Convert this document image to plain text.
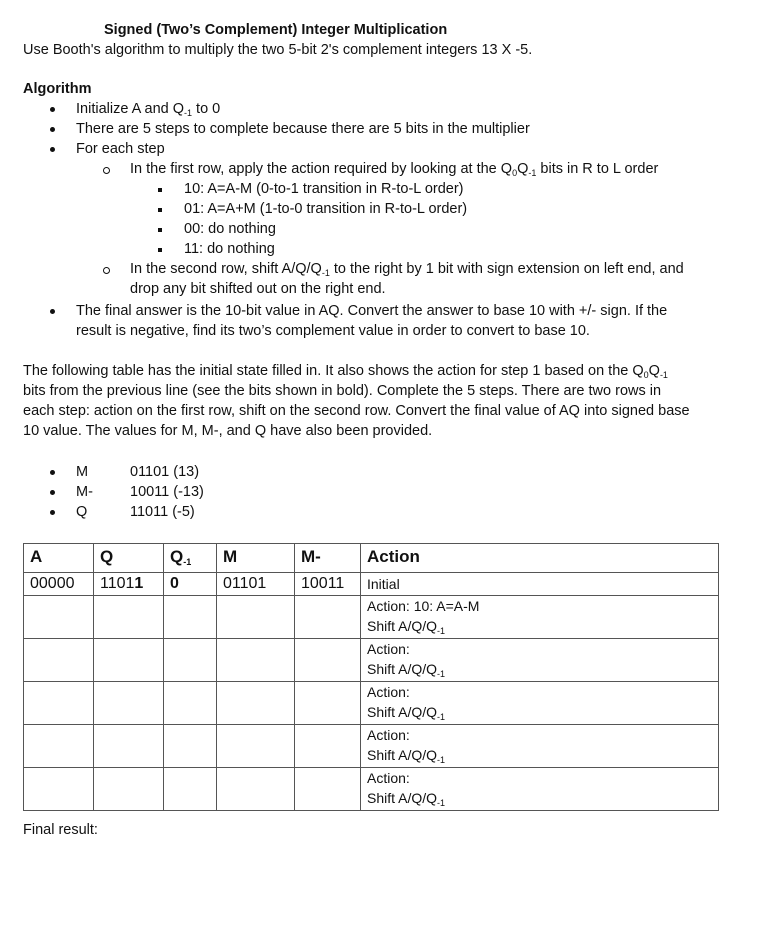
Signed (Two’s Complement) Integer Multiplication
Use Booth's algorithm to multiply the two 5-bit 2's complement integers 13 X -5.
Algorithm
Initialize A and $Q_{-1}$ to 0
There are 5 steps to complete because there are 5 bits in the multiplier
For each step
In the first row, apply the action required by looking at the $Q_0Q_{-1}$ bits in R to L order
10: A=A-M (0-to-1 transition in R-to-L order)
01: A=A+M (1-to-0 transition in R-to-L order)
00: do nothing
11: do nothing
In the second row, shift $A/Q/Q_{-1}$ to the right by 1 bit with sign extension on left end, and
drop any bit shifted out on the right end.
The final answer is the 10-bit value in AQ. Convert the answer to base 10 with +/- sign. If the
result is negative, find its two’s complement value in order to convert to base 10.
The following table has the initial state filled in. It also shows the action for step 1 based on the $Q_0Q_{-1}$
bits from the previous line (see the bits shown in bold). Complete the 5 steps. There are two rows in
each step: action on the first row, shift on the second row. Convert the final value of AQ into signed base
10 value. The values for M, M-, and Q have also been provided.
M	01101 (13)
M-	10011 (-13)
Q	11011 (-5)
A	Q	Q-1	M	M-	Action
00000	11011	0	01101	10011	Initial

					Action: 10: A=A-M
Shift $A/Q/Q_{-1}$

					Action:
Shift $A/Q/Q_{-1}$

					Action:
Shift $A/Q/Q_{-1}$

					Action:
Shift $A/Q/Q_{-1}$

					Action:
Shift $A/Q/Q_{-1}$
Final result:
